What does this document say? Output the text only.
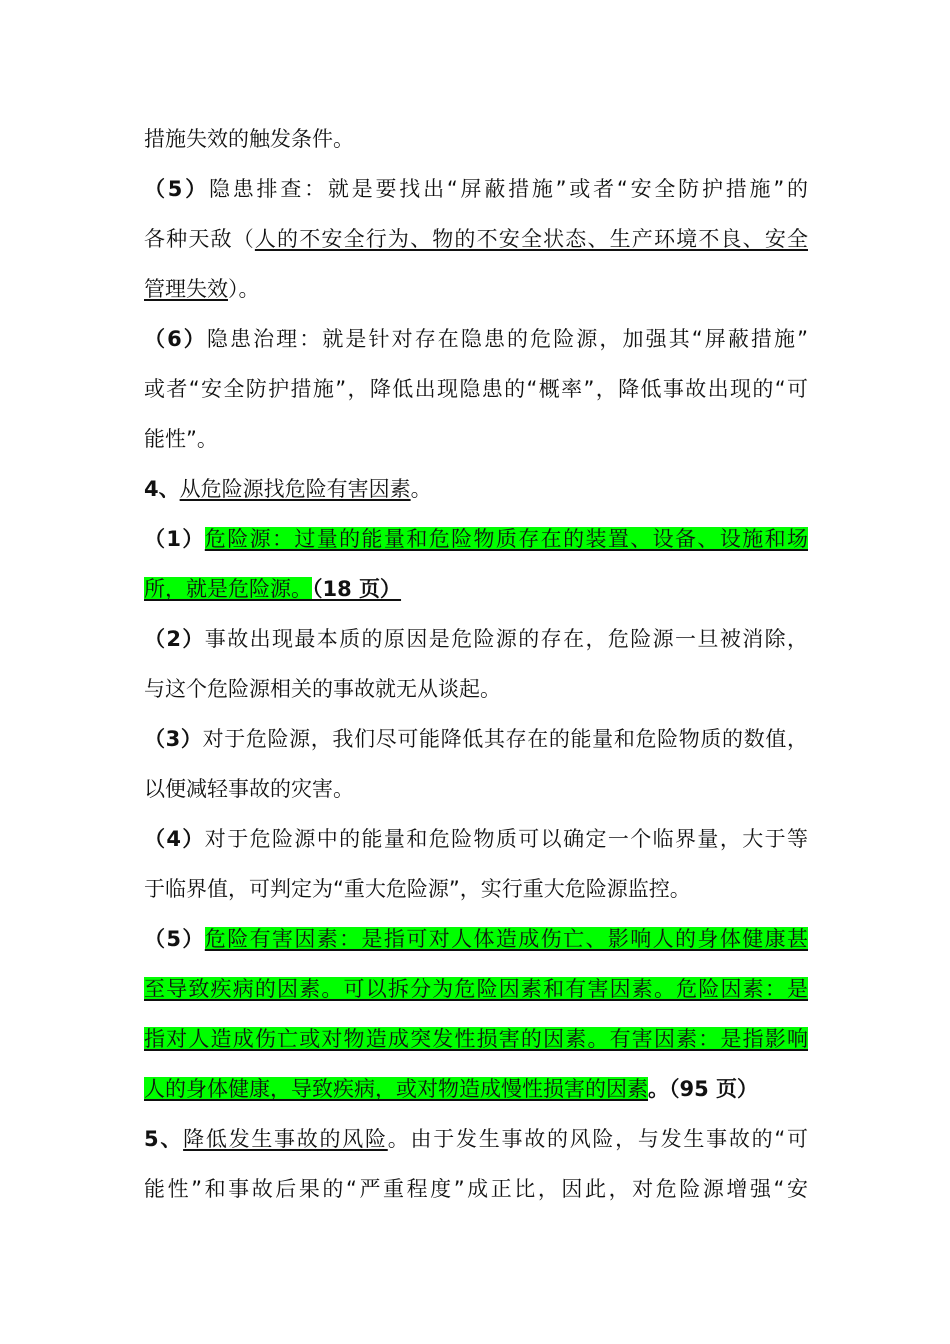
措施失效的触发条件。
（5）隐患排查：就是要找出“屏蔽措施”或者“安全防护措施”的
各种天敌（人的不安全行为、物的不安全状态、生产环境不良、安全
管理失效）。
（6）隐患治理：就是针对存在隐患的危险源，加强其“屏蔽措施”
或者“安全防护措施”，降低出现隐患的“概率”，降低事故出现的“可
能性”。
4、从危险源找危险有害因素。
（1）危险源：过量的能量和危险物质存在的装置、设备、设施和场
所，就是危险源。（18 页）
（2）事故出现最本质的原因是危险源的存在，危险源一旦被消除，
与这个危险源相关的事故就无从谈起。
（3）对于危险源，我们尽可能降低其存在的能量和危险物质的数值，
以便减轻事故的灾害。
（4）对于危险源中的能量和危险物质可以确定一个临界量，大于等
于临界值，可判定为“重大危险源”，实行重大危险源监控。
（5）危险有害因素：是指可对人体造成伤亡、影响人的身体健康甚
至导致疾病的因素。可以拆分为危险因素和有害因素。危险因素：是
指对人造成伤亡或对物造成突发性损害的因素。有害因素：是指影响
人的身体健康，导致疾病，或对物造成慢性损害的因素。（95 页）
5、降低发生事故的风险。由于发生事故的风险，与发生事故的“可
能性”和事故后果的“严重程度”成正比，因此，对危险源增强“安
